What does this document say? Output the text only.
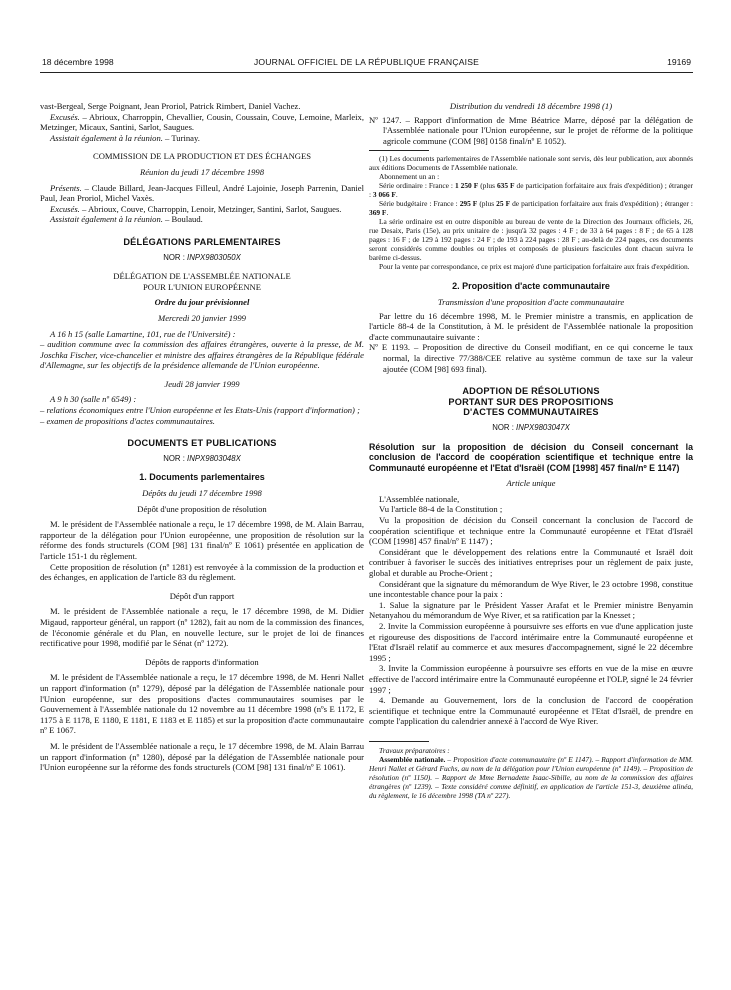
18 décembre 1998	JOURNAL OFFICIEL DE LA RÉPUBLIQUE FRANÇAISE	19169

vast-Bergeal, Serge Poignant, Jean Proriol, Patrick Rimbert, Daniel Vachez.

Excusés. – Abrioux, Charroppin, Chevallier, Cousin, Coussain, Couve, Lemoine, Marleix, Metzinger, Micaux, Santini, Sarlot, Saugues.

Assistait également à la réunion. – Turinay.

COMMISSION DE LA PRODUCTION ET DES ÉCHANGES

Réunion du jeudi 17 décembre 1998

Présents. – Claude Billard, Jean-Jacques Filleul, André Lajoinie, Joseph Parrenin, Daniel Paul, Jean Proriol, Michel Vaxès.

Excusés. – Abrioux, Couve, Charroppin, Lenoir, Metzinger, Santini, Sarlot, Saugues.

Assistait également à la réunion. – Boulaud.

DÉLÉGATIONS PARLEMENTAIRES

NOR : INPX9803050X

DÉLÉGATION DE L'ASSEMBLÉE NATIONALE

POUR L'UNION EUROPÉENNE

Ordre du jour prévisionnel

Mercredi 20 janvier 1999

A 16 h 15 (salle Lamartine, 101, rue de l'Université) :

– audition commune avec la commission des affaires étrangères, ouverte à la presse, de M. Joschka Fischer, vice-chancelier et ministre des affaires étrangères de la République fédérale d'Allemagne, sur les objectifs de la présidence allemande de l'Union européenne.

Jeudi 28 janvier 1999

A 9 h 30 (salle nº 6549) :

– relations économiques entre l'Union européenne et les Etats-Unis (rapport d'information) ;

– examen de propositions d'actes communautaires.

DOCUMENTS ET PUBLICATIONS

NOR : INPX9803048X

1. Documents parlementaires

Dépôts du jeudi 17 décembre 1998

Dépôt d'une proposition de résolution

M. le président de l'Assemblée nationale a reçu, le 17 décembre 1998, de M. Alain Barrau, rapporteur de la délégation pour l'Union européenne, une proposition de résolution sur la réforme des fonds structurels (COM [98] 131 final/nº E 1061) présentée en application de l'article 151-1 du règlement.

Cette proposition de résolution (nº 1281) est renvoyée à la commission de la production et des échanges, en application de l'article 83 du règlement.

Dépôt d'un rapport

M. le président de l'Assemblée nationale a reçu, le 17 décembre 1998, de M. Didier Migaud, rapporteur général, un rapport (nº 1282), fait au nom de la commission des finances, de l'économie générale et du Plan, en nouvelle lecture, sur le projet de loi de finances rectificative pour 1998, modifié par le Sénat (nº 1272).

Dépôts de rapports d'information

M. le président de l'Assemblée nationale a reçu, le 17 décembre 1998, de M. Henri Nallet un rapport d'information (nº 1279), déposé par la délégation de l'Assemblée nationale pour l'Union européenne, sur des propositions d'actes communautaires soumises par le Gouvernement à l'Assemblée nationale du 12 novembre au 11 décembre 1998 (nºs E 1172, E 1175 à E 1178, E 1180, E 1181, E 1183 et E 1185) et sur la proposition d'acte communautaire nº E 1067.

M. le président de l'Assemblée nationale a reçu, le 17 décembre 1998, de M. Alain Barrau un rapport d'information (nº 1280), déposé par la délégation de l'Assemblée nationale pour l'Union européenne sur la réforme des fonds structurels (COM [98] 131 final/nº E 1061).

Distribution du vendredi 18 décembre 1998 (1)

Nº 1247. – Rapport d'information de Mme Béatrice Marre, déposé par la délégation de l'Assemblée nationale pour l'Union européenne, sur le projet de réforme de la politique agricole commune (COM [98] 0158 final/nº E 1052).

(1) Les documents parlementaires de l'Assemblée nationale sont servis, dès leur publication, aux abonnés aux éditions Documents de l'Assemblée nationale.

Abonnement un an :

Série ordinaire : France : 1 250 F (plus 635 F de participation forfaitaire aux frais d'expédition) ; étranger : 3 066 F.

Série budgétaire : France : 295 F (plus 25 F de participation forfaitaire aux frais d'expédition) ; étranger : 369 F.

La série ordinaire est en outre disponible au bureau de vente de la Direction des Journaux officiels, 26, rue Desaix, Paris (15e), au prix unitaire de : jusqu'à 32 pages : 4 F ; de 33 à 64 pages : 8 F ; de 65 à 128 pages : 16 F ; de 129 à 192 pages : 24 F ; de 193 à 224 pages : 28 F ; au-delà de 224 pages, ces documents seront considérés comme doubles ou triples et composés de plusieurs fascicules dont chacun suivra le barème ci-dessus.

Pour la vente par correspondance, ce prix est majoré d'une participation forfaitaire aux frais d'expédition.

2. Proposition d'acte communautaire

Transmission d'une proposition d'acte communautaire

Par lettre du 16 décembre 1998, M. le Premier ministre a transmis, en application de l'article 88-4 de la Constitution, à M. le président de l'Assemblée nationale la proposition d'acte communautaire suivante :

Nº E 1193. – Proposition de directive du Conseil modifiant, en ce qui concerne le taux normal, la directive 77/388/CEE relative au système commun de taxe sur la valeur ajoutée (COM [98] 693 final).

ADOPTION DE RÉSOLUTIONS

PORTANT SUR DES PROPOSITIONS

D'ACTES COMMUNAUTAIRES

NOR : INPX9803047X

Résolution sur la proposition de décision du Conseil concernant la conclusion de l'accord de coopération scientifique et technique entre la Communauté européenne et l'Etat d'Israël (COM [1998] 457 final/nº E 1147)

Article unique

L'Assemblée nationale,

Vu l'article 88-4 de la Constitution ;

Vu la proposition de décision du Conseil concernant la conclusion de l'accord de coopération scientifique et technique entre la Communauté européenne et l'Etat d'Israël (COM [1998] 457 final/nº E 1147) ;

Considérant que le développement des relations entre la Communauté et Israël doit contribuer à favoriser le succès des initiatives entreprises pour un règlement de paix juste, global et durable au Proche-Orient ;

Considérant que la signature du mémorandum de Wye River, le 23 octobre 1998, constitue une incontestable chance pour la paix :

1. Salue la signature par le Président Yasser Arafat et le Premier ministre Benyamin Netanyahou du mémorandum de Wye River, et sa ratification par la Knesset ;

2. Invite la Commission européenne à poursuivre ses efforts en vue d'une application juste et rigoureuse des dispositions de l'accord intérimaire entre la Communauté européenne et l'Etat d'Israël relatif au commerce et aux mesures d'accompagnement, signé le 22 décembre 1995 ;

3. Invite la Commission européenne à poursuivre ses efforts en vue de la mise en œuvre effective de l'accord intérimaire entre la Communauté européenne et l'OLP, signé le 24 février 1997 ;

4. Demande au Gouvernement, lors de la conclusion de l'accord de coopération scientifique et technique entre la Communauté européenne et l'Etat d'Israël, de prendre en compte l'application du calendrier annexé à l'accord de Wye River.

Travaux préparatoires :

Assemblée nationale. – Proposition d'acte communautaire (nº E 1147). – Rapport d'information de MM. Henri Nallet et Gérard Fuchs, au nom de la délégation pour l'Union européenne (nº 1149). – Proposition de résolution (nº 1150). – Rapport de Mme Bernadette Isaac-Sibille, au nom de la commission des affaires étrangères (nº 1239). – Texte considéré comme définitif, en application de l'article 151-3, deuxième alinéa, du règlement, le 16 décembre 1998 (TA nº 227).
